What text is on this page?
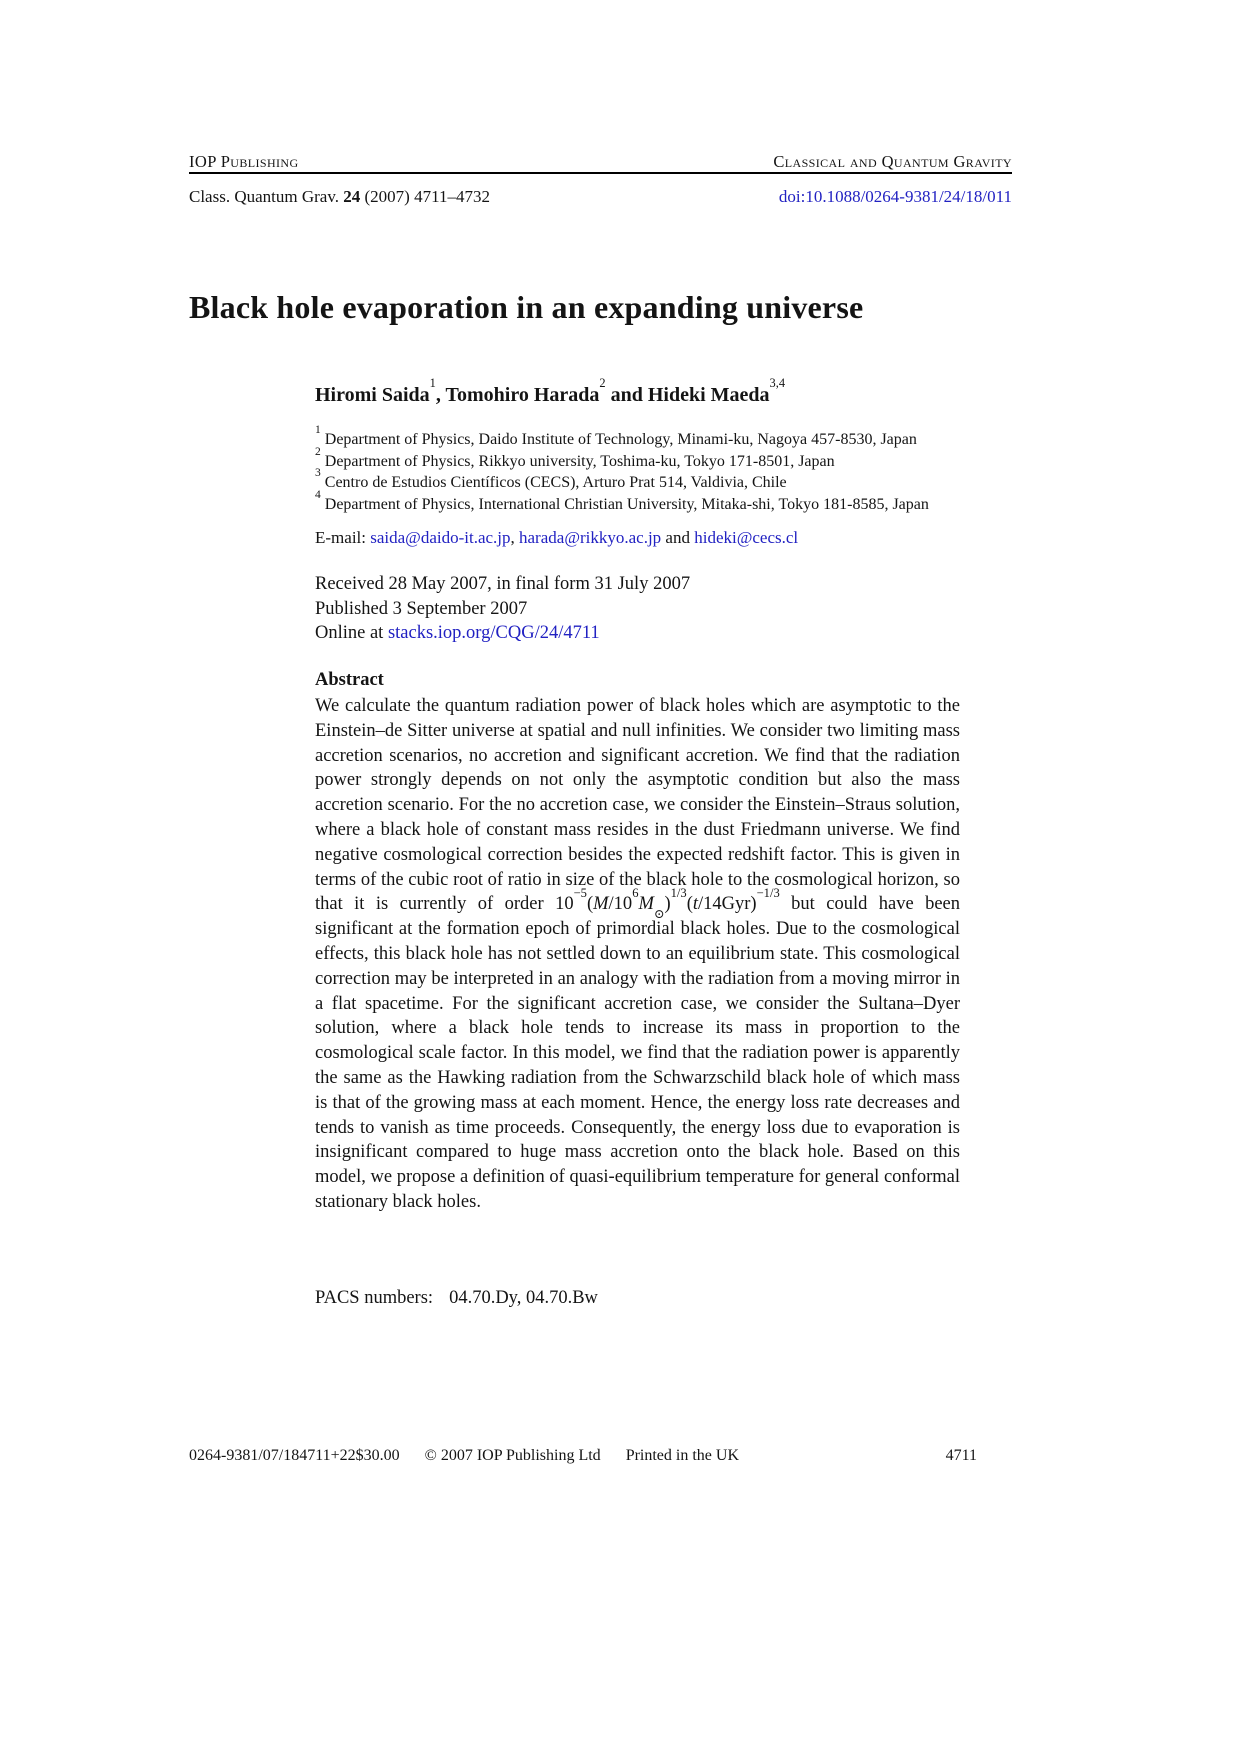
IOP Publishing	Classical and Quantum Gravity
Class. Quantum Grav. 24 (2007) 4711–4732	doi:10.1088/0264-9381/24/18/011
Black hole evaporation in an expanding universe
Hiromi Saida$^1$, Tomohiro Harada$^2$ and Hideki Maeda$^{3,4}$
$^1$ Department of Physics, Daido Institute of Technology, Minami-ku, Nagoya 457-8530, Japan
$^2$ Department of Physics, Rikkyo university, Toshima-ku, Tokyo 171-8501, Japan
$^3$ Centro de Estudios Científicos (CECS), Arturo Prat 514, Valdivia, Chile
$^4$ Department of Physics, International Christian University, Mitaka-shi, Tokyo 181-8585, Japan
E-mail: saida@daido-it.ac.jp, harada@rikkyo.ac.jp and hideki@cecs.cl
Received 28 May 2007, in final form 31 July 2007
Published 3 September 2007
Online at stacks.iop.org/CQG/24/4711
Abstract

We calculate the quantum radiation power of black holes which are asymptotic to the Einstein–de Sitter universe at spatial and null infinities. We consider two limiting mass accretion scenarios, no accretion and significant accretion. We find that the radiation power strongly depends on not only the asymptotic condition but also the mass accretion scenario. For the no accretion case, we consider the Einstein–Straus solution, where a black hole of constant mass resides in the dust Friedmann universe. We find negative cosmological correction besides the expected redshift factor. This is given in terms of the cubic root of ratio in size of the black hole to the cosmological horizon, so that it is currently of order $10^{-5}(M/10^6M_⊙)^{1/3}(t/14Gyr)^{-1/3}$ but could have been significant at the formation epoch of primordial black holes. Due to the cosmological effects, this black hole has not settled down to an equilibrium state. This cosmological correction may be interpreted in an analogy with the radiation from a moving mirror in a flat spacetime. For the significant accretion case, we consider the Sultana–Dyer solution, where a black hole tends to increase its mass in proportion to the cosmological scale factor. In this model, we find that the radiation power is apparently the same as the Hawking radiation from the Schwarzschild black hole of which mass is that of the growing mass at each moment. Hence, the energy loss rate decreases and tends to vanish as time proceeds. Consequently, the energy loss due to evaporation is insignificant compared to huge mass accretion onto the black hole. Based on this model, we propose a definition of quasi-equilibrium temperature for general conformal stationary black holes.

PACS numbers: 04.70.Dy, 04.70.Bw
0264-9381/07/184711+22$30.00 © 2007 IOP Publishing Ltd Printed in the UK	4711
